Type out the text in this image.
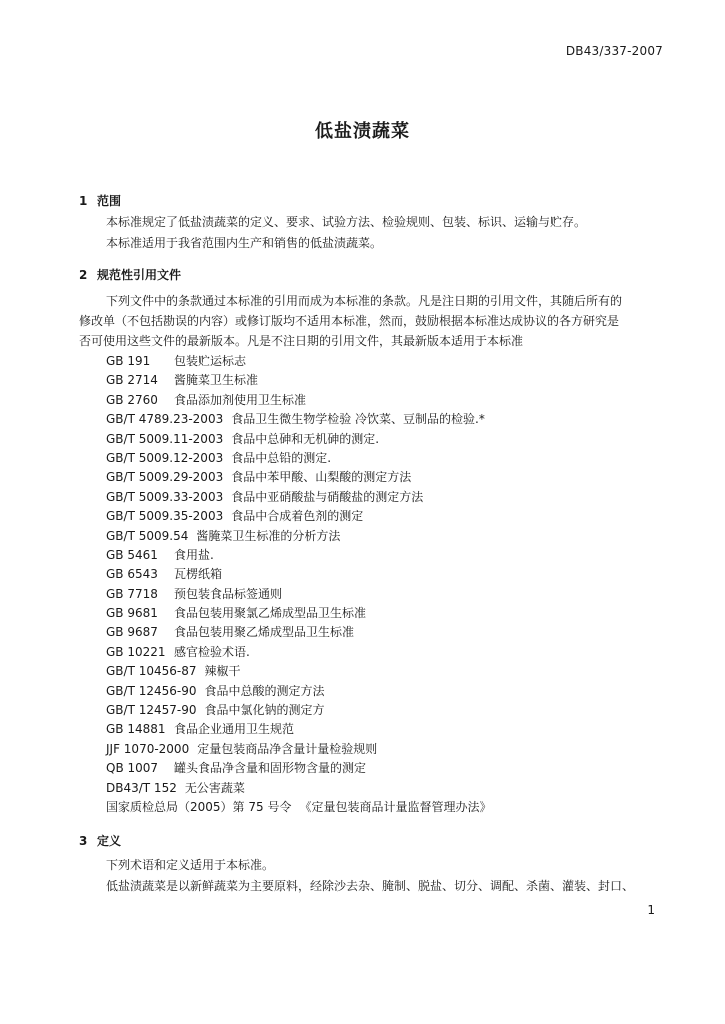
DB43/337-2007
低盐渍蔬菜
1 范围
本标准规定了低盐渍蔬菜的定义、要求、试验方法、检验规则、包装、标识、运输与贮存。
本标准适用于我省范围内生产和销售的低盐渍蔬菜。
2 规范性引用文件
下列文件中的条款通过本标准的引用而成为本标准的条款。凡是注日期的引用文件，其随后所有的
修改单（不包括勘误的内容）或修订版均不适用本标准，然而，鼓励根据本标准达成协议的各方研究是
否可使用这些文件的最新版本。凡是不注日期的引用文件，其最新版本适用于本标准
GB 191 包装贮运标志
GB 2714 酱腌菜卫生标准
GB 2760 食品添加剂使用卫生标准
GB/T 4789.23-2003 食品卫生微生物学检验 冷饮菜、豆制品的检验.*
GB/T 5009.11-2003 食品中总砷和无机砷的测定.
GB/T 5009.12-2003 食品中总铅的测定.
GB/T 5009.29-2003 食品中苯甲酸、山梨酸的测定方法
GB/T 5009.33-2003 食品中亚硝酸盐与硝酸盐的测定方法
GB/T 5009.35-2003 食品中合成着色剂的测定
GB/T 5009.54 酱腌菜卫生标准的分析方法
GB 5461 食用盐.
GB 6543 瓦楞纸箱
GB 7718 预包装食品标签通则
GB 9681 食品包装用聚氯乙烯成型品卫生标准
GB 9687 食品包装用聚乙烯成型品卫生标准
GB 10221 感官检验术语.
GB/T 10456-87 辣椒干
GB/T 12456-90 食品中总酸的测定方法
GB/T 12457-90 食品中氯化钠的测定方
GB 14881 食品企业通用卫生规范
JJF 1070-2000 定量包装商品净含量计量检验规则
QB 1007 罐头食品净含量和固形物含量的测定
DB43/T 152 无公害蔬菜
国家质检总局（2005）第 75 号令 《定量包装商品计量监督管理办法》
3 定义
下列术语和定义适用于本标准。
低盐渍蔬菜是以新鲜蔬菜为主要原料，经除沙去杂、腌制、脱盐、切分、调配、杀菌、灌装、封口、
1
